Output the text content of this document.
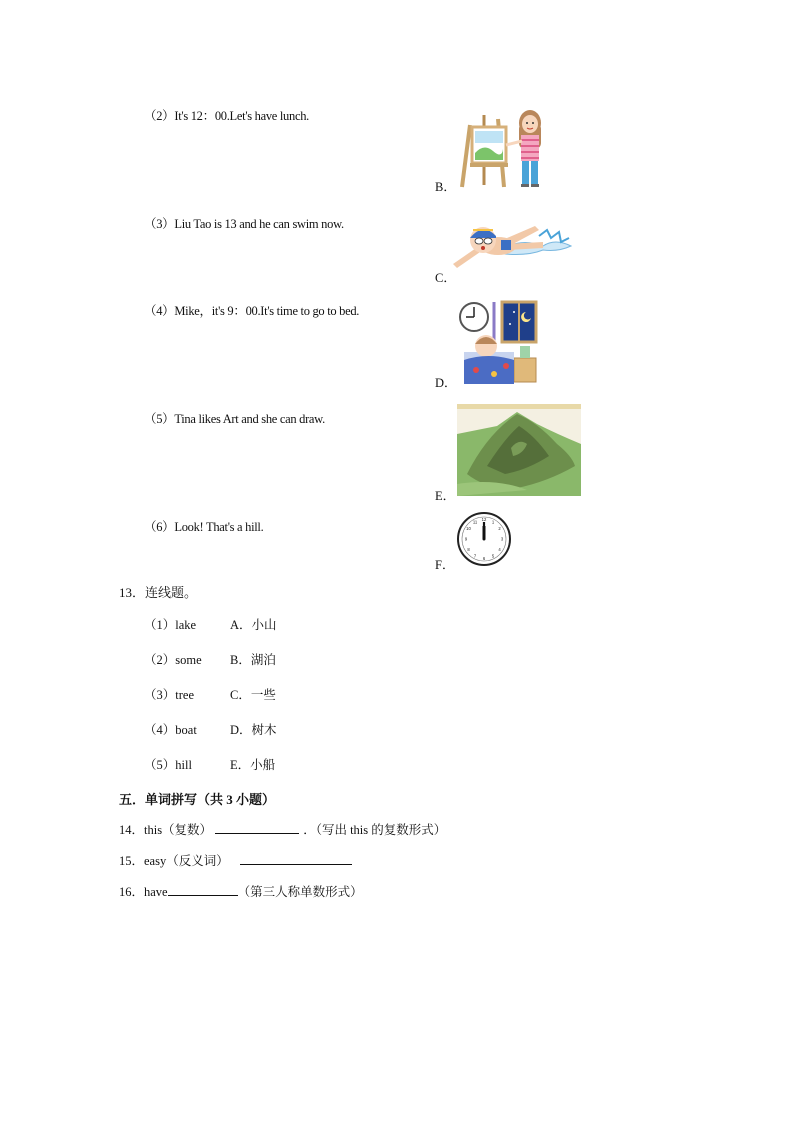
（2）It's 12：00.Let's have lunch.
（3）Liu Tao is 13 and he can swim now.
（4）Mike，it's 9：00.It's time to go to bed.
（5）Tina likes Art and she can draw.
（6）Look! That's a hill.
B．
C．
D．
E．
F．
12 1
2
3
4
5
6
7
8
9
10
11
13．连线题。
（1）lake	A．小山
（2）some B．湖泊
（3）tree	C．一些
（4）boat	D．树木
（5）hill	E．小船
五．单词拼写（共 3 小题）
14．this（复数）	．（写出 this 的复数形式）
15．easy（反义词）
16．have	（第三人称单数形式）
